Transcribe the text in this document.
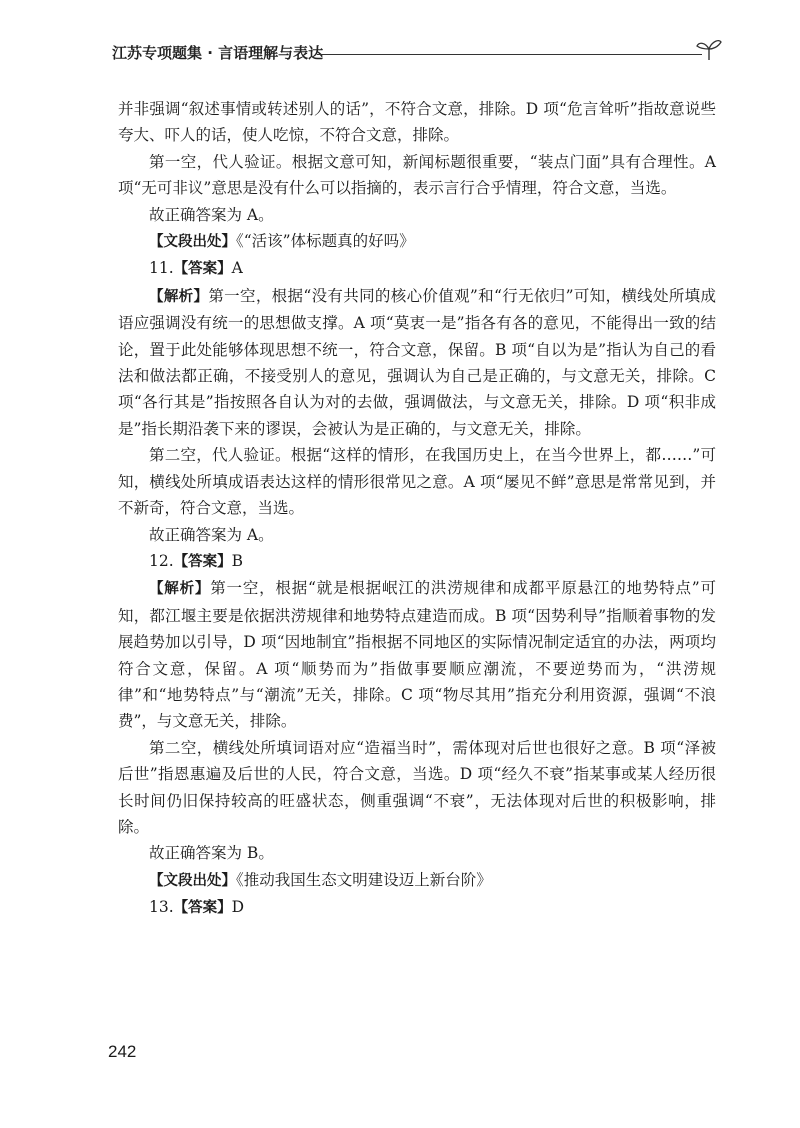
江苏专项题集 · 言语理解与表达

并非强调“叙述事情或转述别人的话”，不符合文意，排除。D 项“危言耸听”指故意说些夸大、吓人的话，使人吃惊，不符合文意，排除。

第一空，代人验证。根据文意可知，新闻标题很重要，“装点门面”具有合理性。A 项“无可非议”意思是没有什么可以指摘的，表示言行合乎情理，符合文意，当选。

故正确答案为 A。

【文段出处】《“活该”体标题真的好吗》

11.【答案】A

【解析】第一空，根据“没有共同的核心价值观”和“行无依归”可知，横线处所填成语应强调没有统一的思想做支撑。A 项“莫衷一是”指各有各的意见，不能得出一致的结论，置于此处能够体现思想不统一，符合文意，保留。B 项“自以为是”指认为自己的看法和做法都正确，不接受别人的意见，强调认为自己是正确的，与文意无关，排除。C 项“各行其是”指按照各自认为对的去做，强调做法，与文意无关，排除。D 项“积非成是”指长期沿袭下来的谬误，会被认为是正确的，与文意无关，排除。

第二空，代人验证。根据“这样的情形，在我国历史上，在当今世界上，都……”可知，横线处所填成语表达这样的情形很常见之意。A 项“屡见不鲜”意思是常常见到，并不新奇，符合文意，当选。

故正确答案为 A。

12.【答案】B

【解析】第一空，根据“就是根据岷江的洪涝规律和成都平原悬江的地势特点”可知，都江堰主要是依据洪涝规律和地势特点建造而成。B 项“因势利导”指顺着事物的发展趋势加以引导，D 项“因地制宜”指根据不同地区的实际情况制定适宜的办法，两项均符合文意，保留。A 项“顺势而为”指做事要顺应潮流，不要逆势而为，“洪涝规律”和“地势特点”与“潮流”无关，排除。C 项“物尽其用”指充分利用资源，强调“不浪费”，与文意无关，排除。

第二空，横线处所填词语对应“造福当时”，需体现对后世也很好之意。B 项“泽被后世”指恩惠遍及后世的人民，符合文意，当选。D 项“经久不衰”指某事或某人经历很长时间仍旧保持较高的旺盛状态，侧重强调“不衰”，无法体现对后世的积极影响，排除。

故正确答案为 B。

【文段出处】《推动我国生态文明建设迈上新台阶》

13.【答案】D

242
